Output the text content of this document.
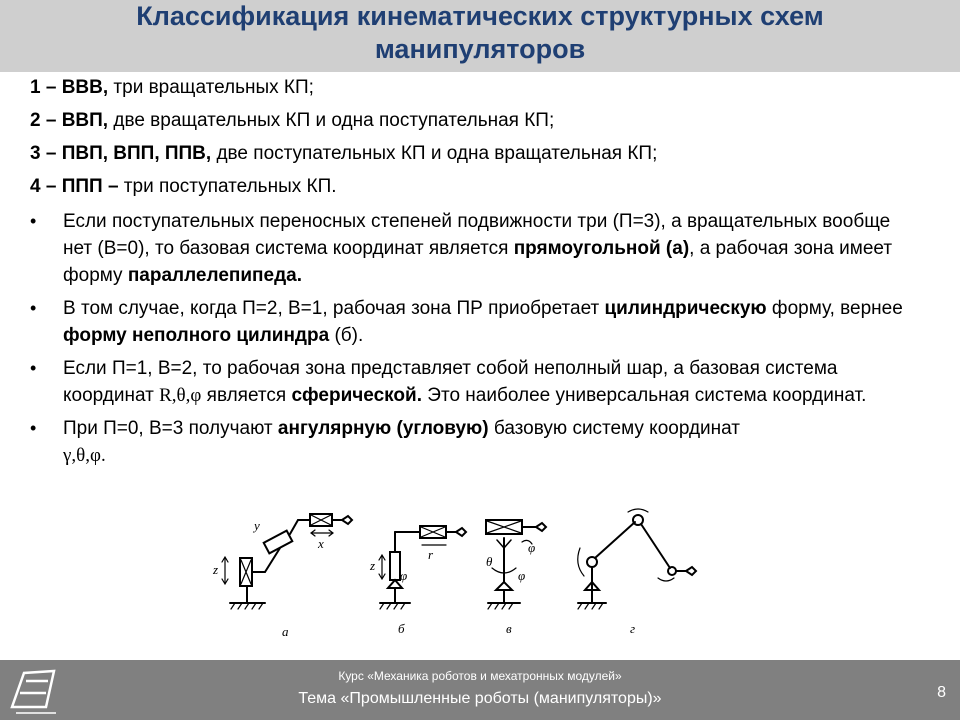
Классификация кинематических структурных схем
манипуляторов

1 – ВВВ, три вращательных КП;

2 – ВВП, две вращательных КП и одна поступательная КП;

3 – ПВП, ВПП, ППВ, две поступательных КП и одна вращательная КП;

4 – ППП – три поступательных КП.

• Если поступательных переносных степеней подвижности три (П=3), а вращательных вообще нет (В=0), то базовая система координат является прямоугольной (а), а рабочая зона имеет форму параллелепипеда.

• В том случае, когда П=2, В=1, рабочая зона ПР приобретает цилиндрическую форму, вернее форму неполного цилиндра (б).

• Если П=1, В=2, то рабочая зона представляет собой неполный шар, а базовая система координат R,θ,φ является сферической. Это наиболее универсальная система координат.

• При П=0, В=3 получают ангулярную (угловую) базовую систему координат
γ,θ,φ.

а	б	в	г
y
x
z	z
r
φ	φ
θ
φ
Курс «Механика роботов и мехатронных модулей»
Тема «Промышленные роботы (манипуляторы)»	8
